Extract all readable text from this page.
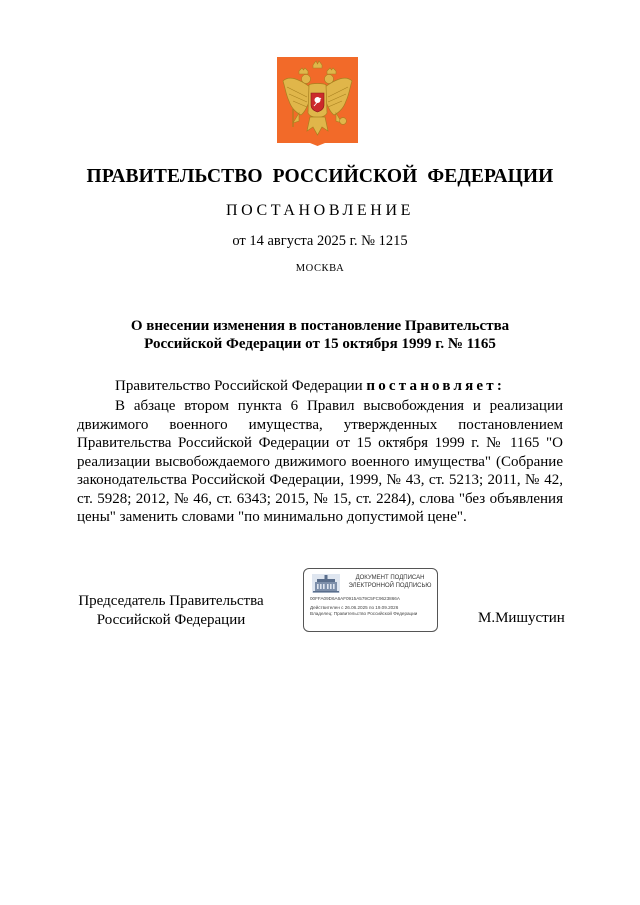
ПРАВИТЕЛЬСТВО РОССИЙСКОЙ ФЕДЕРАЦИИ
ПОСТАНОВЛЕНИЕ
от 14 августа 2025 г. № 1215
МОСКВА
О внесении изменения в постановление Правительства
Российской Федерации от 15 октября 1999 г. № 1165
Правительство Российской Федерации постановляет:
В абзаце втором пункта 6 Правил высвобождения и реализации движимого военного имущества, утвержденных постановлением Правительства Российской Федерации от 15 октября 1999 г. № 1165 "О реализации высвобождаемого движимого военного имущества" (Собрание законодательства Российской Федерации, 1999, № 43, ст. 5213; 2011, № 42, ст. 5928; 2012, № 46, ст. 6343; 2015, № 15, ст. 2284), слова "без объявления цены" заменить словами "по минимально допустимой цене".
Председатель Правительства
Российской Федерации
ДОКУМЕНТ ПОДПИСАН
ЭЛЕКТРОННОЙ ПОДПИСЬЮ
00FFA09D6A6AF0915A579C5FC9623866A
Действителен с 26.06.2025 по 19.09.2026
Владелец: Правительство Российской Федерации	М.Мишустин
